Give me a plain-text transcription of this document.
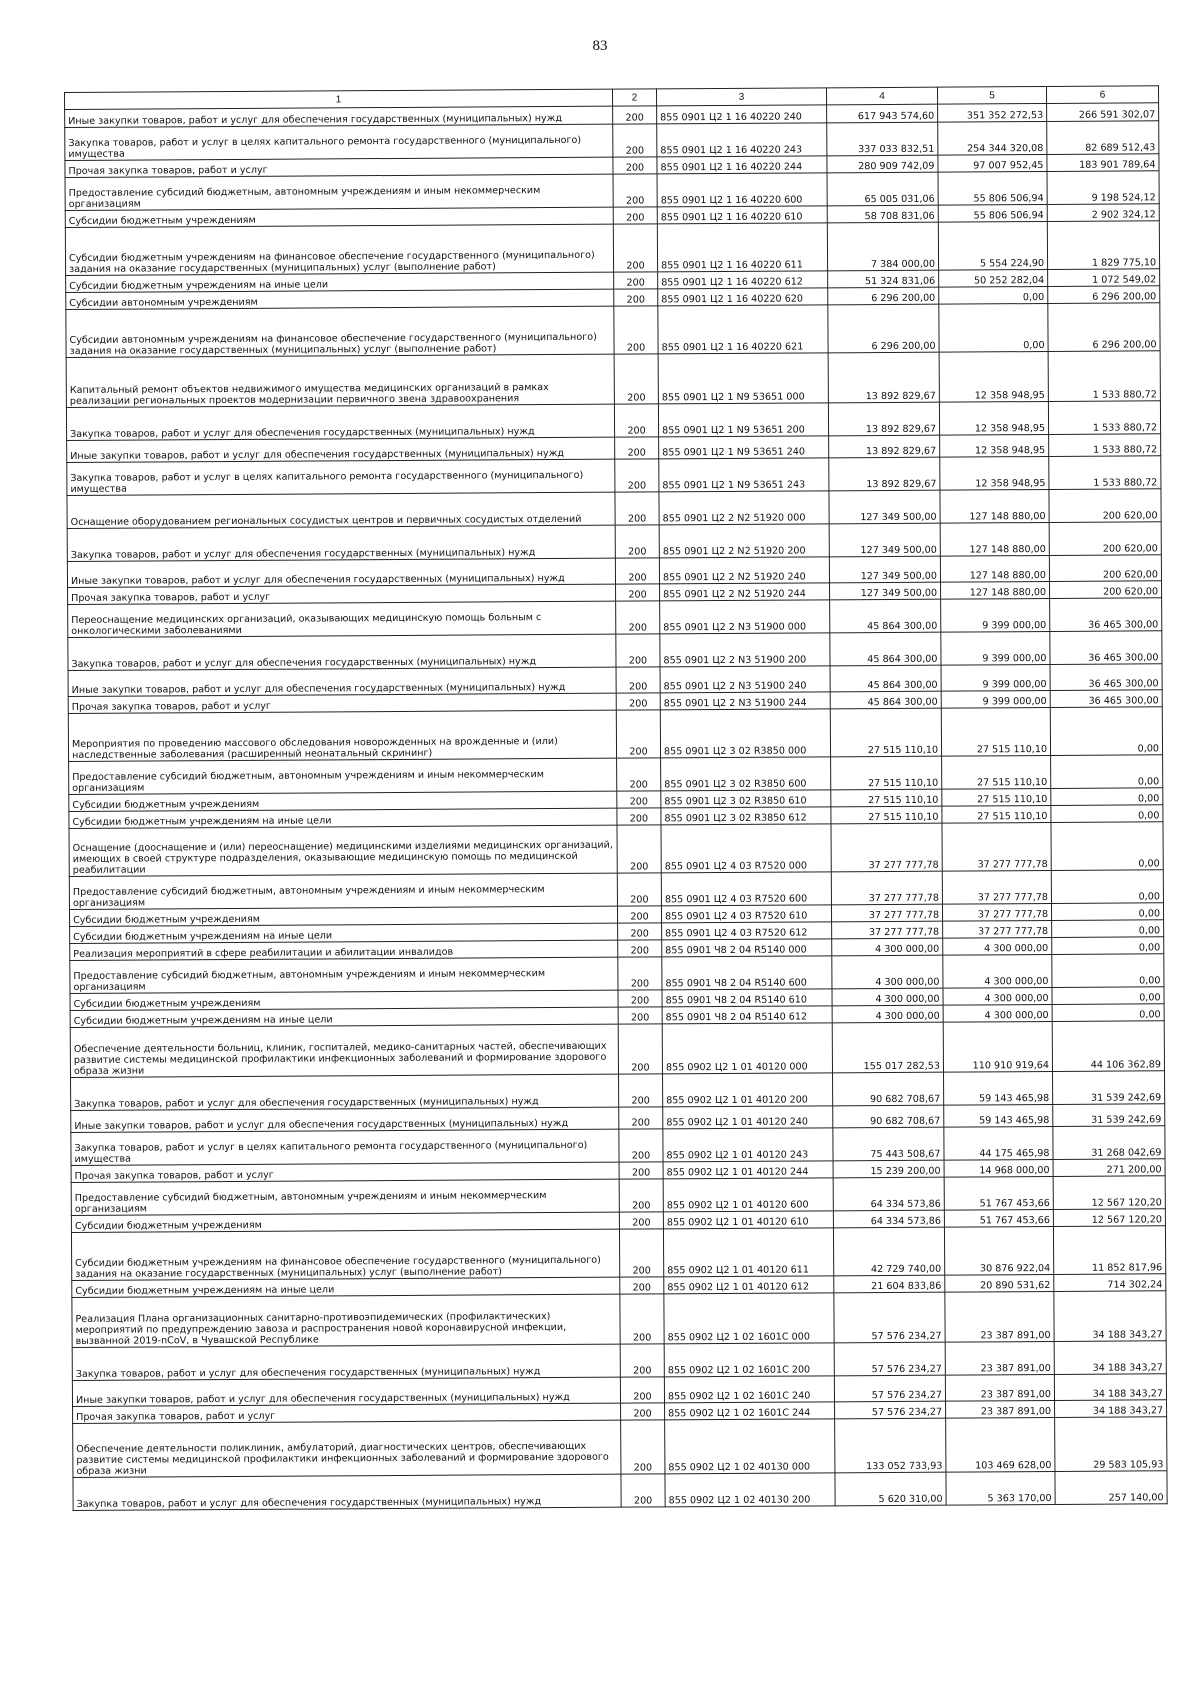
83
1	2	3	4	5	6
Иные закупки товаров, работ и услуг для обеспечения государственных (муниципальных) нужд	200	855 0901 Ц2 1 16 40220 240	617 943 574,60	351 352 272,53	266 591 302,07
Закупка товаров, работ и услуг в целях капитального ремонта государственного (муниципального) имущества	200	855 0901 Ц2 1 16 40220 243	337 033 832,51	254 344 320,08	82 689 512,43
Прочая закупка товаров, работ и услуг	200	855 0901 Ц2 1 16 40220 244	280 909 742,09	97 007 952,45	183 901 789,64
Предоставление субсидий бюджетным, автономным учреждениям и иным некоммерческим организациям	200	855 0901 Ц2 1 16 40220 600	65 005 031,06	55 806 506,94	9 198 524,12
Субсидии бюджетным учреждениям	200	855 0901 Ц2 1 16 40220 610	58 708 831,06	55 806 506,94	2 902 324,12
Субсидии бюджетным учреждениям на финансовое обеспечение государственного (муниципального) задания на оказание государственных (муниципальных) услуг (выполнение работ)	200	855 0901 Ц2 1 16 40220 611	7 384 000,00	5 554 224,90	1 829 775,10
Субсидии бюджетным учреждениям на иные цели	200	855 0901 Ц2 1 16 40220 612	51 324 831,06	50 252 282,04	1 072 549,02
Субсидии автономным учреждениям	200	855 0901 Ц2 1 16 40220 620	6 296 200,00	0,00	6 296 200,00
Субсидии автономным учреждениям на финансовое обеспечение государственного (муниципального) задания на оказание государственных (муниципальных) услуг (выполнение работ)	200	855 0901 Ц2 1 16 40220 621	6 296 200,00	0,00	6 296 200,00
Капитальный ремонт объектов недвижимого имущества медицинских организаций в рамках реализации региональных проектов модернизации первичного звена здравоохранения	200	855 0901 Ц2 1 N9 53651 000	13 892 829,67	12 358 948,95	1 533 880,72
Закупка товаров, работ и услуг для обеспечения государственных (муниципальных) нужд	200	855 0901 Ц2 1 N9 53651 200	13 892 829,67	12 358 948,95	1 533 880,72
Иные закупки товаров, работ и услуг для обеспечения государственных (муниципальных) нужд	200	855 0901 Ц2 1 N9 53651 240	13 892 829,67	12 358 948,95	1 533 880,72
Закупка товаров, работ и услуг в целях капитального ремонта государственного (муниципального) имущества	200	855 0901 Ц2 1 N9 53651 243	13 892 829,67	12 358 948,95	1 533 880,72
Оснащение оборудованием региональных сосудистых центров и первичных сосудистых отделений	200	855 0901 Ц2 2 N2 51920 000	127 349 500,00	127 148 880,00	200 620,00
Закупка товаров, работ и услуг для обеспечения государственных (муниципальных) нужд	200	855 0901 Ц2 2 N2 51920 200	127 349 500,00	127 148 880,00	200 620,00
Иные закупки товаров, работ и услуг для обеспечения государственных (муниципальных) нужд	200	855 0901 Ц2 2 N2 51920 240	127 349 500,00	127 148 880,00	200 620,00
Прочая закупка товаров, работ и услуг	200	855 0901 Ц2 2 N2 51920 244	127 349 500,00	127 148 880,00	200 620,00
Переоснащение медицинских организаций, оказывающих медицинскую помощь больным с онкологическими заболеваниями	200	855 0901 Ц2 2 N3 51900 000	45 864 300,00	9 399 000,00	36 465 300,00
Закупка товаров, работ и услуг для обеспечения государственных (муниципальных) нужд	200	855 0901 Ц2 2 N3 51900 200	45 864 300,00	9 399 000,00	36 465 300,00
Иные закупки товаров, работ и услуг для обеспечения государственных (муниципальных) нужд	200	855 0901 Ц2 2 N3 51900 240	45 864 300,00	9 399 000,00	36 465 300,00
Прочая закупка товаров, работ и услуг	200	855 0901 Ц2 2 N3 51900 244	45 864 300,00	9 399 000,00	36 465 300,00
Мероприятия по проведению массового обследования новорожденных на врожденные и (или) наследственные заболевания (расширенный неонатальный скрининг)	200	855 0901 Ц2 3 02 R3850 000	27 515 110,10	27 515 110,10	0,00
Предоставление субсидий бюджетным, автономным учреждениям и иным некоммерческим организациям	200	855 0901 Ц2 3 02 R3850 600	27 515 110,10	27 515 110,10	0,00
Субсидии бюджетным учреждениям	200	855 0901 Ц2 3 02 R3850 610	27 515 110,10	27 515 110,10	0,00
Субсидии бюджетным учреждениям на иные цели	200	855 0901 Ц2 3 02 R3850 612	27 515 110,10	27 515 110,10	0,00
Оснащение (дооснащение и (или) переоснащение) медицинскими изделиями медицинских организаций, имеющих в своей структуре подразделения, оказывающие медицинскую помощь по медицинской реабилитации	200	855 0901 Ц2 4 03 R7520 000	37 277 777,78	37 277 777,78	0,00
Предоставление субсидий бюджетным, автономным учреждениям и иным некоммерческим организациям	200	855 0901 Ц2 4 03 R7520 600	37 277 777,78	37 277 777,78	0,00
Субсидии бюджетным учреждениям	200	855 0901 Ц2 4 03 R7520 610	37 277 777,78	37 277 777,78	0,00
Субсидии бюджетным учреждениям на иные цели	200	855 0901 Ц2 4 03 R7520 612	37 277 777,78	37 277 777,78	0,00
Реализация мероприятий в сфере реабилитации и абилитации инвалидов	200	855 0901 Ч8 2 04 R5140 000	4 300 000,00	4 300 000,00	0,00
Предоставление субсидий бюджетным, автономным учреждениям и иным некоммерческим организациям	200	855 0901 Ч8 2 04 R5140 600	4 300 000,00	4 300 000,00	0,00
Субсидии бюджетным учреждениям	200	855 0901 Ч8 2 04 R5140 610	4 300 000,00	4 300 000,00	0,00
Субсидии бюджетным учреждениям на иные цели	200	855 0901 Ч8 2 04 R5140 612	4 300 000,00	4 300 000,00	0,00
Обеспечение деятельности больниц, клиник, госпиталей, медико-санитарных частей, обеспечивающих развитие системы медицинской профилактики инфекционных заболеваний и формирование здорового образа жизни	200	855 0902 Ц2 1 01 40120 000	155 017 282,53	110 910 919,64	44 106 362,89
Закупка товаров, работ и услуг для обеспечения государственных (муниципальных) нужд	200	855 0902 Ц2 1 01 40120 200	90 682 708,67	59 143 465,98	31 539 242,69
Иные закупки товаров, работ и услуг для обеспечения государственных (муниципальных) нужд	200	855 0902 Ц2 1 01 40120 240	90 682 708,67	59 143 465,98	31 539 242,69
Закупка товаров, работ и услуг в целях капитального ремонта государственного (муниципального) имущества	200	855 0902 Ц2 1 01 40120 243	75 443 508,67	44 175 465,98	31 268 042,69
Прочая закупка товаров, работ и услуг	200	855 0902 Ц2 1 01 40120 244	15 239 200,00	14 968 000,00	271 200,00
Предоставление субсидий бюджетным, автономным учреждениям и иным некоммерческим организациям	200	855 0902 Ц2 1 01 40120 600	64 334 573,86	51 767 453,66	12 567 120,20
Субсидии бюджетным учреждениям	200	855 0902 Ц2 1 01 40120 610	64 334 573,86	51 767 453,66	12 567 120,20
Субсидии бюджетным учреждениям на финансовое обеспечение государственного (муниципального) задания на оказание государственных (муниципальных) услуг (выполнение работ)	200	855 0902 Ц2 1 01 40120 611	42 729 740,00	30 876 922,04	11 852 817,96
Субсидии бюджетным учреждениям на иные цели	200	855 0902 Ц2 1 01 40120 612	21 604 833,86	20 890 531,62	714 302,24
Реализация Плана организационных санитарно-противоэпидемических (профилактических) мероприятий по предупреждению завоза и распространения новой коронавирусной инфекции, вызванной 2019-nCoV, в Чувашской Республике	200	855 0902 Ц2 1 02 1601С 000	57 576 234,27	23 387 891,00	34 188 343,27
Закупка товаров, работ и услуг для обеспечения государственных (муниципальных) нужд	200	855 0902 Ц2 1 02 1601С 200	57 576 234,27	23 387 891,00	34 188 343,27
Иные закупки товаров, работ и услуг для обеспечения государственных (муниципальных) нужд	200	855 0902 Ц2 1 02 1601С 240	57 576 234,27	23 387 891,00	34 188 343,27
Прочая закупка товаров, работ и услуг	200	855 0902 Ц2 1 02 1601С 244	57 576 234,27	23 387 891,00	34 188 343,27
Обеспечение деятельности поликлиник, амбулаторий, диагностических центров, обеспечивающих развитие системы медицинской профилактики инфекционных заболеваний и формирование здорового образа жизни	200	855 0902 Ц2 1 02 40130 000	133 052 733,93	103 469 628,00	29 583 105,93
Закупка товаров, работ и услуг для обеспечения государственных (муниципальных) нужд	200	855 0902 Ц2 1 02 40130 200	5 620 310,00	5 363 170,00	257 140,00
